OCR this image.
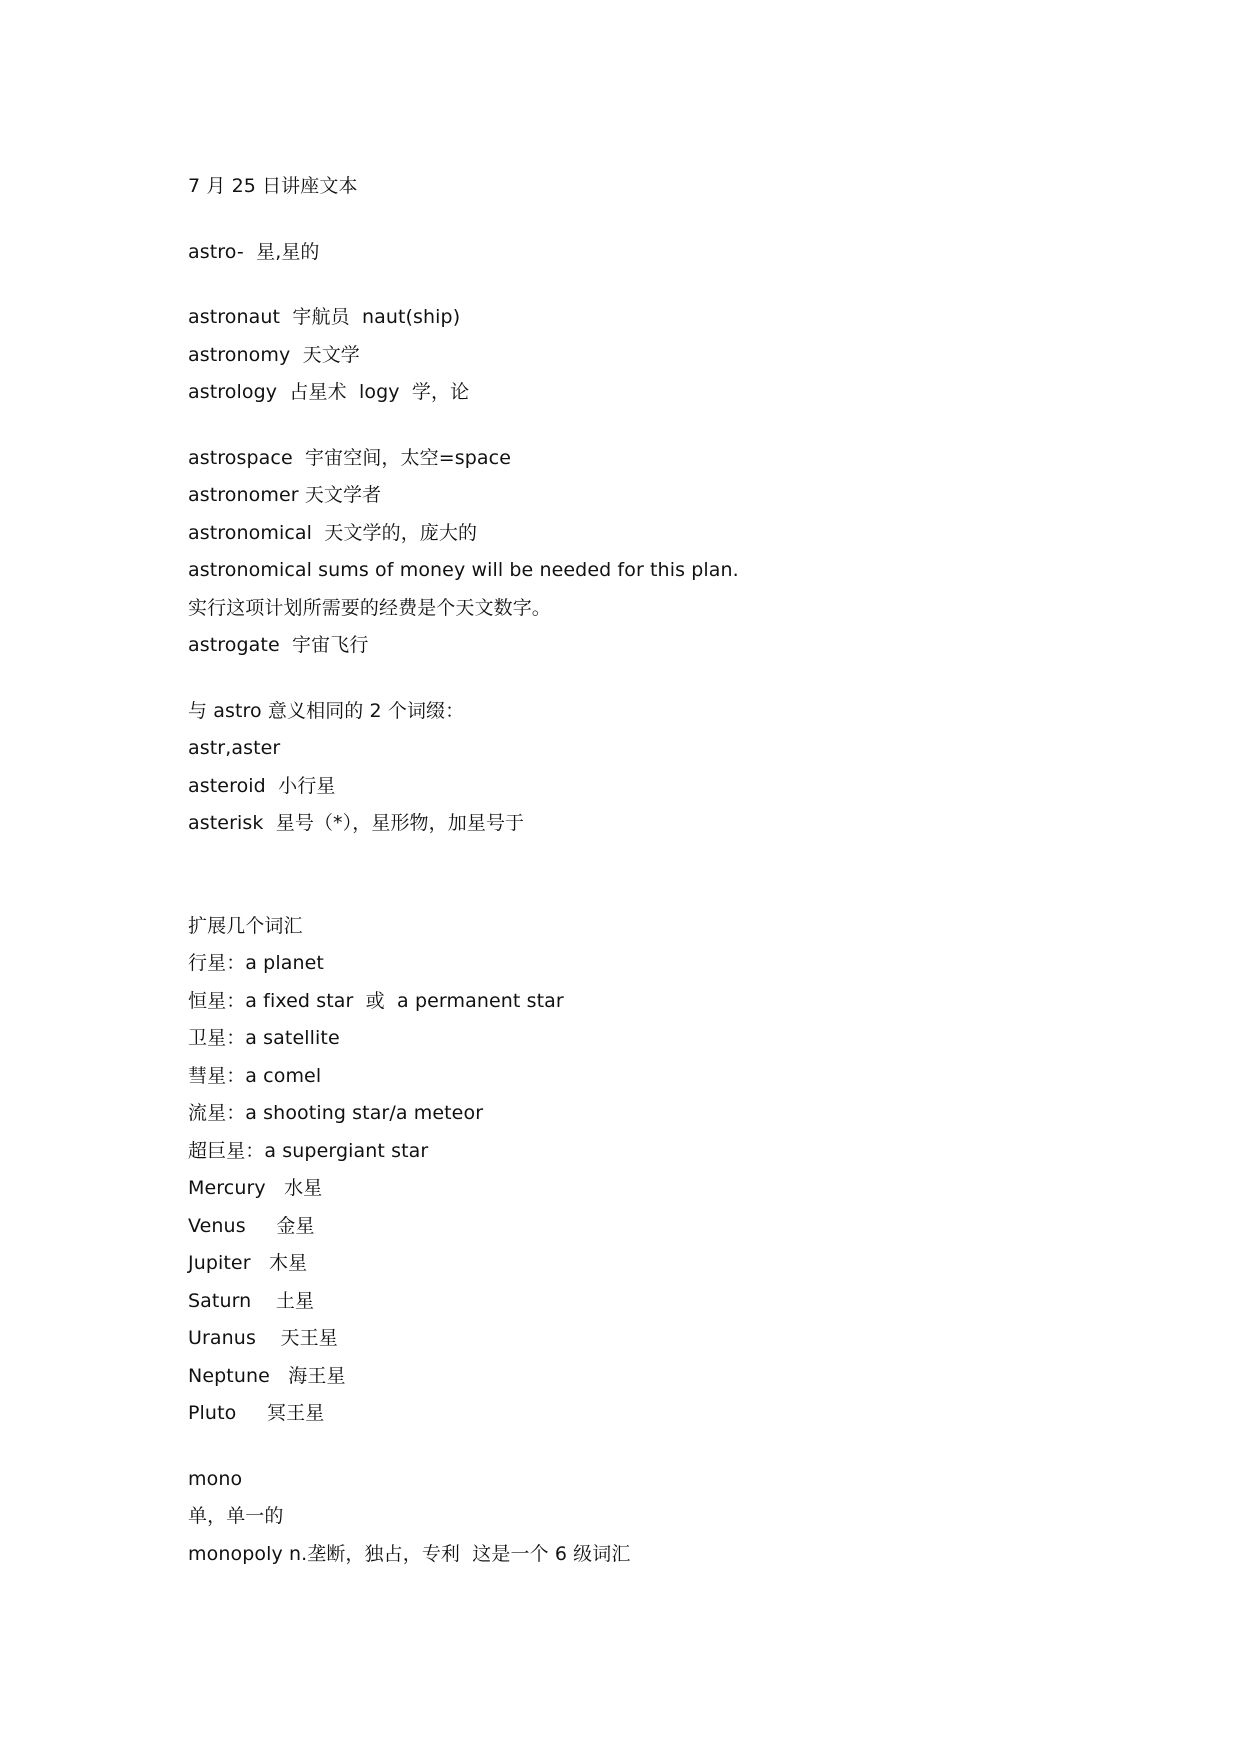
7 月 25 日讲座文本
astro-  星,星的
astronaut  宇航员  naut(ship)
astronomy  天文学
astrology  占星术  logy  学，论
astrospace  宇宙空间，太空=space
astronomer 天文学者
astronomical  天文学的，庞大的
astronomical sums of money will be needed for this plan.
实行这项计划所需要的经费是个天文数字。
astrogate  宇宙飞行
与 astro 意义相同的 2 个词缀：
astr,aster
asteroid  小行星
asterisk  星号（*），星形物，加星号于
扩展几个词汇
行星：a planet
恒星：a fixed star  或  a permanent star
卫星：a satellite
彗星：a comel
流星：a shooting star/a meteor
超巨星：a supergiant star
Mercury   水星
Venus     金星
Jupiter   木星
Saturn    土星
Uranus    天王星
Neptune   海王星
Pluto     冥王星
mono
单，单一的
monopoly n.垄断，独占，专利  这是一个 6 级词汇
